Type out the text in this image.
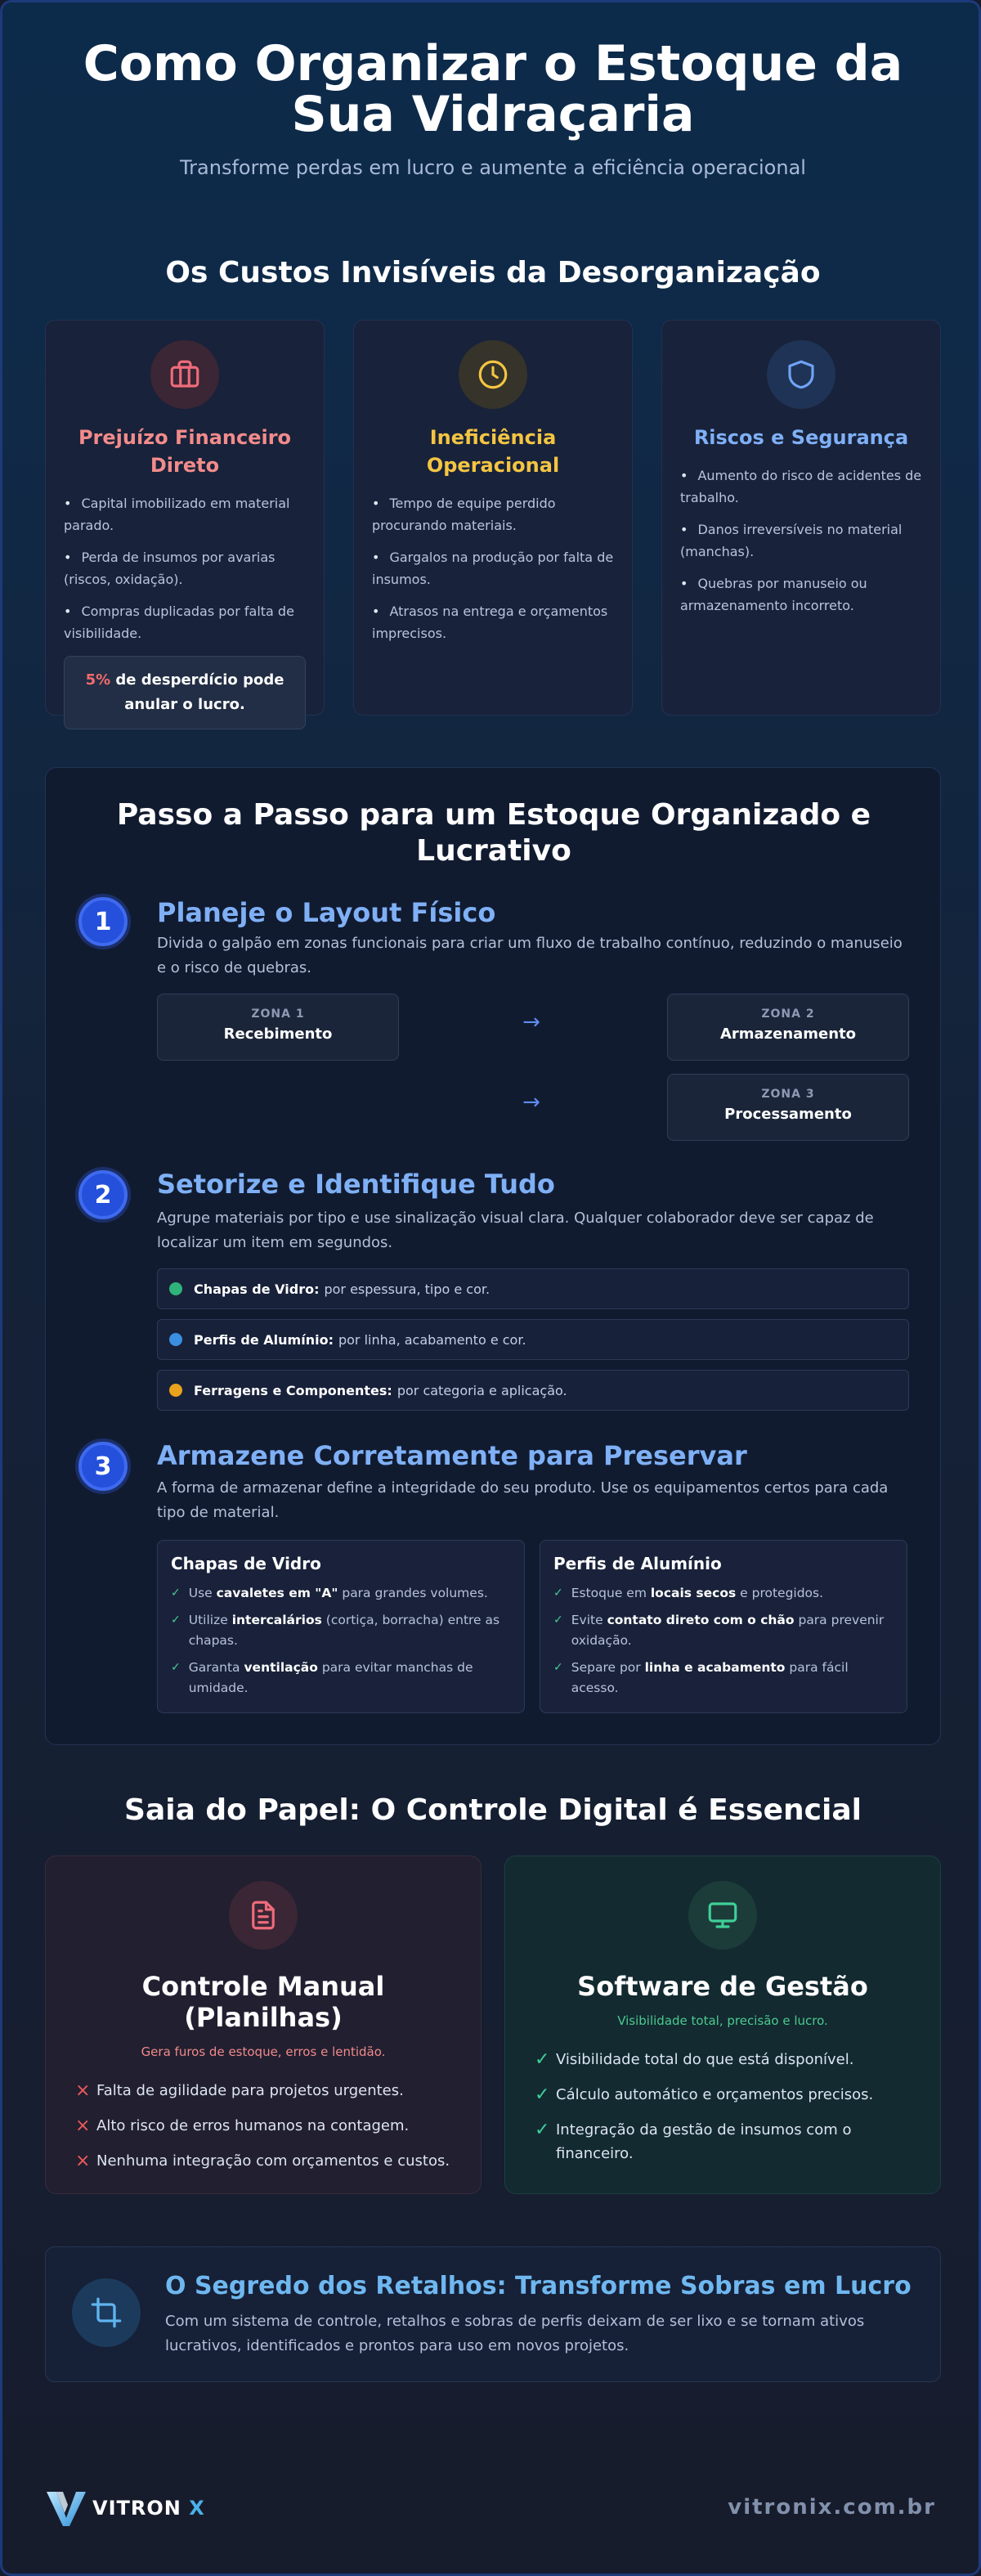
Como Organizar o Estoque da
Sua Vidraçaria
Transforme perdas em lucro e aumente a eficiência operacional
Os Custos Invisíveis da Desorganização
Prejuízo Financeiro Direto
• Capital imobilizado em material parado.
• Perda de insumos por avarias (riscos, oxidação).
• Compras duplicadas por falta de visibilidade.
5% de desperdício pode anular o lucro.
Ineficiência Operacional
• Tempo de equipe perdido procurando materiais.
• Gargalos na produção por falta de insumos.
• Atrasos na entrega e orçamentos imprecisos.
Riscos e Segurança
• Aumento do risco de acidentes de trabalho.
• Danos irreversíveis no material (manchas).
• Quebras por manuseio ou armazenamento incorreto.
Passo a Passo para um Estoque Organizado e
Lucrativo
1	Planeje o Layout Físico
Divida o galpão em zonas funcionais para criar um fluxo de trabalho contínuo, reduzindo o manuseio e o risco de quebras.
ZONA 1
Recebimento	→	ZONA 2
Armazenamento
→	ZONA 3
Processamento
2	Setorize e Identifique Tudo
Agrupe materiais por tipo e use sinalização visual clara. Qualquer colaborador deve ser capaz de localizar um item em segundos.
Chapas de Vidro: por espessura, tipo e cor.
Perfis de Alumínio: por linha, acabamento e cor.
Ferragens e Componentes: por categoria e aplicação.
3	Armazene Corretamente para Preservar
A forma de armazenar define a integridade do seu produto. Use os equipamentos certos para cada tipo de material.
Chapas de Vidro
✓ Use cavaletes em "A" para grandes volumes.
✓ Utilize intercalários (cortiça, borracha) entre as chapas.
✓ Garanta ventilação para evitar manchas de umidade.
Perfis de Alumínio
✓ Estoque em locais secos e protegidos.
✓ Evite contato direto com o chão para prevenir oxidação.
✓ Separe por linha e acabamento para fácil acesso.
Saia do Papel: O Controle Digital é Essencial
Controle Manual
(Planilhas)
Gera furos de estoque, erros e lentidão.
× Falta de agilidade para projetos urgentes.
× Alto risco de erros humanos na contagem.
× Nenhuma integração com orçamentos e custos.
Software de Gestão
Visibilidade total, precisão e lucro.
✓ Visibilidade total do que está disponível.
✓ Cálculo automático e orçamentos precisos.
✓ Integração da gestão de insumos com o financeiro.
O Segredo dos Retalhos: Transforme Sobras em Lucro
Com um sistema de controle, retalhos e sobras de perfis deixam de ser lixo e se tornam ativos lucrativos, identificados e prontos para uso em novos projetos.
VITRON X	vitronix.com.br
